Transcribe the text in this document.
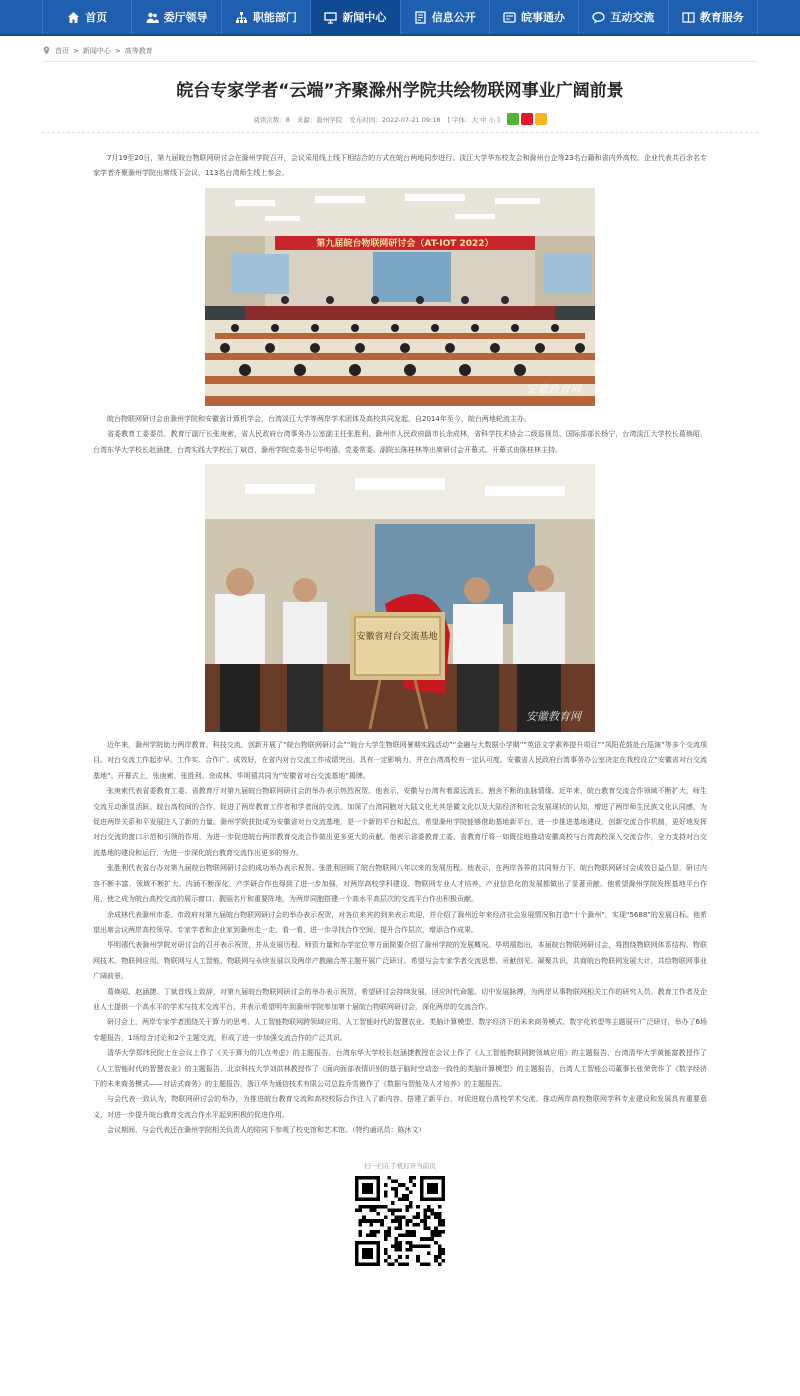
首页	委厅领导	职能部门	新闻中心	信息公开	皖事通办	互动交流	教育服务
首页 > 新闻中心 > 高等教育
皖台专家学者“云端”齐聚滁州学院共绘物联网事业广阔前景
阅读次数：8 来源：滁州学院 发布时间：2022-07-21 09:18 [ 字体：大 中 小 ]

7月19至20日，第九届皖台物联网研讨会在滁州学院召开，会议采用线上线下相结合的方式在皖台两地同步进行。淡江大学华东校友会和滁州台企等23名台籍和省内外高校、企业代表共百余名专家学者齐聚滁州学院出席线下会议，113名台湾师生线上参会。

第九届皖台物联网研讨会（AT-IOT 2022）
安徽教育网

皖台物联网研讨会由滁州学院和安徽省计算机学会、台湾淡江大学等两岸学术团体及高校共同发起，自2014年至今，皖台两地轮流主办。

省委教育工委委员、教育厅副厅长张庚索，省人民政府台湾事务办公室副主任张胜利，滁州市人民政府副市长余成林，省科学技术协会二级巡视员、国际部部长杨宁，台湾淡江大学校长葛焕昭，台湾东华大学校长赵涵捷，台湾实践大学校长丁斌首，滁州学院党委书记毕明禧，党委常委、副院长陈桂林等出席研讨会开幕式。开幕式由陈桂林主持。

安徽省对台交流基地
安徽教育网

近年来，滁州学院助力两岸教育、科技交流，创新开展了“皖台物联网研讨会”“皖台大学生物联网暑期实践活动”“金融与大数据小学期”“英语文学素养提升项目”“凤阳花鼓赴台巡演”等多个交流项目。对台交流工作起步早、工作实、合作广、成效好，在省内对台交流工作成绩突出，具有一定影响力，并在台湾高校有一定认可度。安徽省人民政府台湾事务办公室决定在我校设立“安徽省对台交流基地”。开幕式上，张庚索、张胜利、余成林、毕明禧共同为“安徽省对台交流基地”揭牌。

张庚索代表省委教育工委、省教育厅对第九届皖台物联网研讨会的举办表示热烈祝贺。他表示，安徽与台湾有着源远流长、割舍不断的血脉情缘。近年来，皖台教育交流合作领域不断扩大，师生交流互动渐显活跃。皖台高校间的合作，促进了两岸教育工作者和学者间的交流，加深了台湾同胞对大陆文化尤其是徽文化以及大陆经济和社会发展现状的认知，增进了两岸师生民族文化认同感，为促进两岸关系和平发展注入了新的力量。滁州学院获批成为安徽省对台交流基地，是一个新的平台和起点，希望滁州学院能够借助基地新平台，进一步推进基地建设，创新交流合作机制，更好地发挥对台交流的窗口示范和引领的作用，为进一步促进皖台两岸教育交流合作做出更多更大的贡献。他表示省委教育工委、省教育厅将一如既往地推动安徽高校与台湾高校深入交流合作，全力支持对台交流基地的建设和运行，为进一步深化皖台教育交流作出更多的努力。

张胜利代表省台办对第九届皖台物联网研讨会的成功举办表示祝贺。张胜利回顾了皖台物联网八年以来的发展历程。他表示，在两岸各界的共同努力下，皖台物联网研讨会成效日益凸显，研讨内容不断丰富、领域不断扩大、内涵不断深化，产学研合作也得到了进一步加强，对两岸高校学科建设、物联网专业人才培养、产业信息化的发展都做出了显著贡献。他希望滁州学院发挥基地平台作用，使之成为皖台高校交流的展示窗口、靓丽名片和重要阵地，为两岸同胞搭建一个高水平高层次的交流平台作出积极贡献。

余成林代表滁州市委、市政府对第九届皖台物联网研讨会的举办表示祝贺，对各位来宾的到来表示欢迎，并介绍了滁州近年来经济社会发展情况和打造“十个滁州”，实现“5688”的发展目标。他希望出席会议两岸高校领导、专家学者和企业家到滁州走一走、看一看，进一步寻找合作空间，提升合作层次，增添合作成果。

毕明禧代表滁州学院对研讨会的召开表示祝贺，并从发展历程、师资力量和办学定位等方面简要介绍了滁州学院的发展概况。毕明禧指出，本届皖台物联网研讨会，将围绕物联网体系结构、物联网技术、物联网应用、物联网与人工智能、物联网与永续发展以及两岸产教融合等主题开展广泛研讨。希望与会专家学者交流思想、贡献创见、凝聚共识，共商皖台物联网发展大计，共绘物联网事业广阔前景。

葛焕昭、赵涵捷、丁斌首线上致辞，对第九届皖台物联网研讨会的举办表示祝贺，希望研讨会持续发展，回应时代命题、切中发展脉搏，为两岸从事物联网相关工作的研究人员、教育工作者及企业人士提供一个高水平的学术与技术交流平台，并表示希望明年到滁州学院参加第十届皖台物联网研讨会，深化两岸的交流合作。

研讨会上，两岸专家学者围绕关于算力的思考、人工智能物联网跨领域应用、人工智能时代的智慧农业、类脑计算模型、数字经济下的未来商务模式、数字化转型等主题展开广泛研讨，举办了6场专题报告，1场综合讨论和2个主题交流，形成了进一步加强交流合作的广泛共识。

清华大学郑纬民院士在会议上作了《关于算力的几点考虑》的主题报告，台湾东华大学校长赵涵捷教授在会议上作了《人工智能物联网跨领域应用》的主题报告，台湾清华大学黄能富教授作了《人工智能时代的智慧农业》的主题报告，北京科技大学刘洪林教授作了《面向面部表情识别的基于脑时空动态一致性的类脑计算模型》的主题报告，台湾人工智能公司董事长张荣贵作了《数字经济下的未来商务模式——对话式商务》的主题报告，浙江华为通信技术有限公司总监乔雪嶶作了《数据与智能及人才培养》的主题报告。

与会代表一致认为，物联网研讨会的举办，为推进皖台教育交流和高校校际合作注入了新内容、搭建了新平台，对促进皖台高校学术交流、推动两岸高校物联网学科专业建设和发展具有重要意义，对进一步提升皖台教育交流合作水平起到积极的促进作用。

会议期间，与会代表还在滁州学院相关负责人的陪同下参观了校史馆和艺术馆。（特约通讯员：陈沐文）

扫一扫在手机打开当前页
